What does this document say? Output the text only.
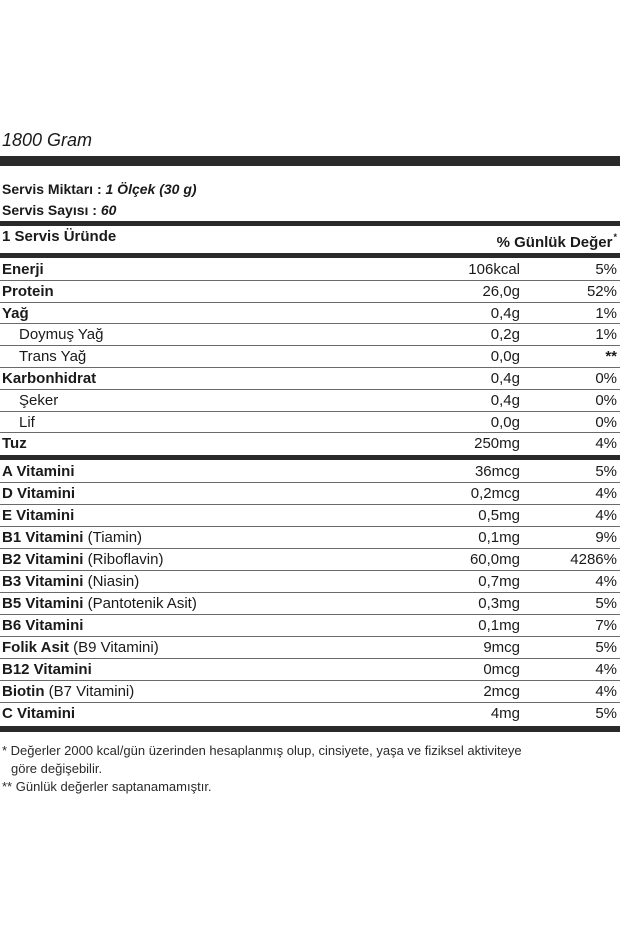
1800 Gram
Servis Miktarı : 1 Ölçek (30 g)
Servis Sayısı : 60
1 Servis Üründe	% Günlük Değer*
Enerji	106kcal	5%
Protein	26,0g	52%
Yağ	0,4g	1%
Doymuş Yağ	0,2g	1%
Trans Yağ	0,0g	**
Karbonhidrat	0,4g	0%
Şeker	0,4g	0%
Lif	0,0g	0%
Tuz	250mg	4%
A Vitamini	36mcg	5%
D Vitamini	0,2mcg	4%
E Vitamini	0,5mg	4%
B1 Vitamini (Tiamin)	0,1mg	9%
B2 Vitamini (Riboflavin)	60,0mg	4286%
B3 Vitamini (Niasin)	0,7mg	4%
B5 Vitamini (Pantotenik Asit)	0,3mg	5%
B6 Vitamini	0,1mg	7%
Folik Asit (B9 Vitamini)	9mcg	5%
B12 Vitamini	0mcg	4%
Biotin (B7 Vitamini)	2mcg	4%
C Vitamini	4mg	5%
* Değerler 2000 kcal/gün üzerinden hesaplanmış olup, cinsiyete, yaşa ve fiziksel aktiviteye
göre değişebilir.
** Günlük değerler saptanamamıştır.
